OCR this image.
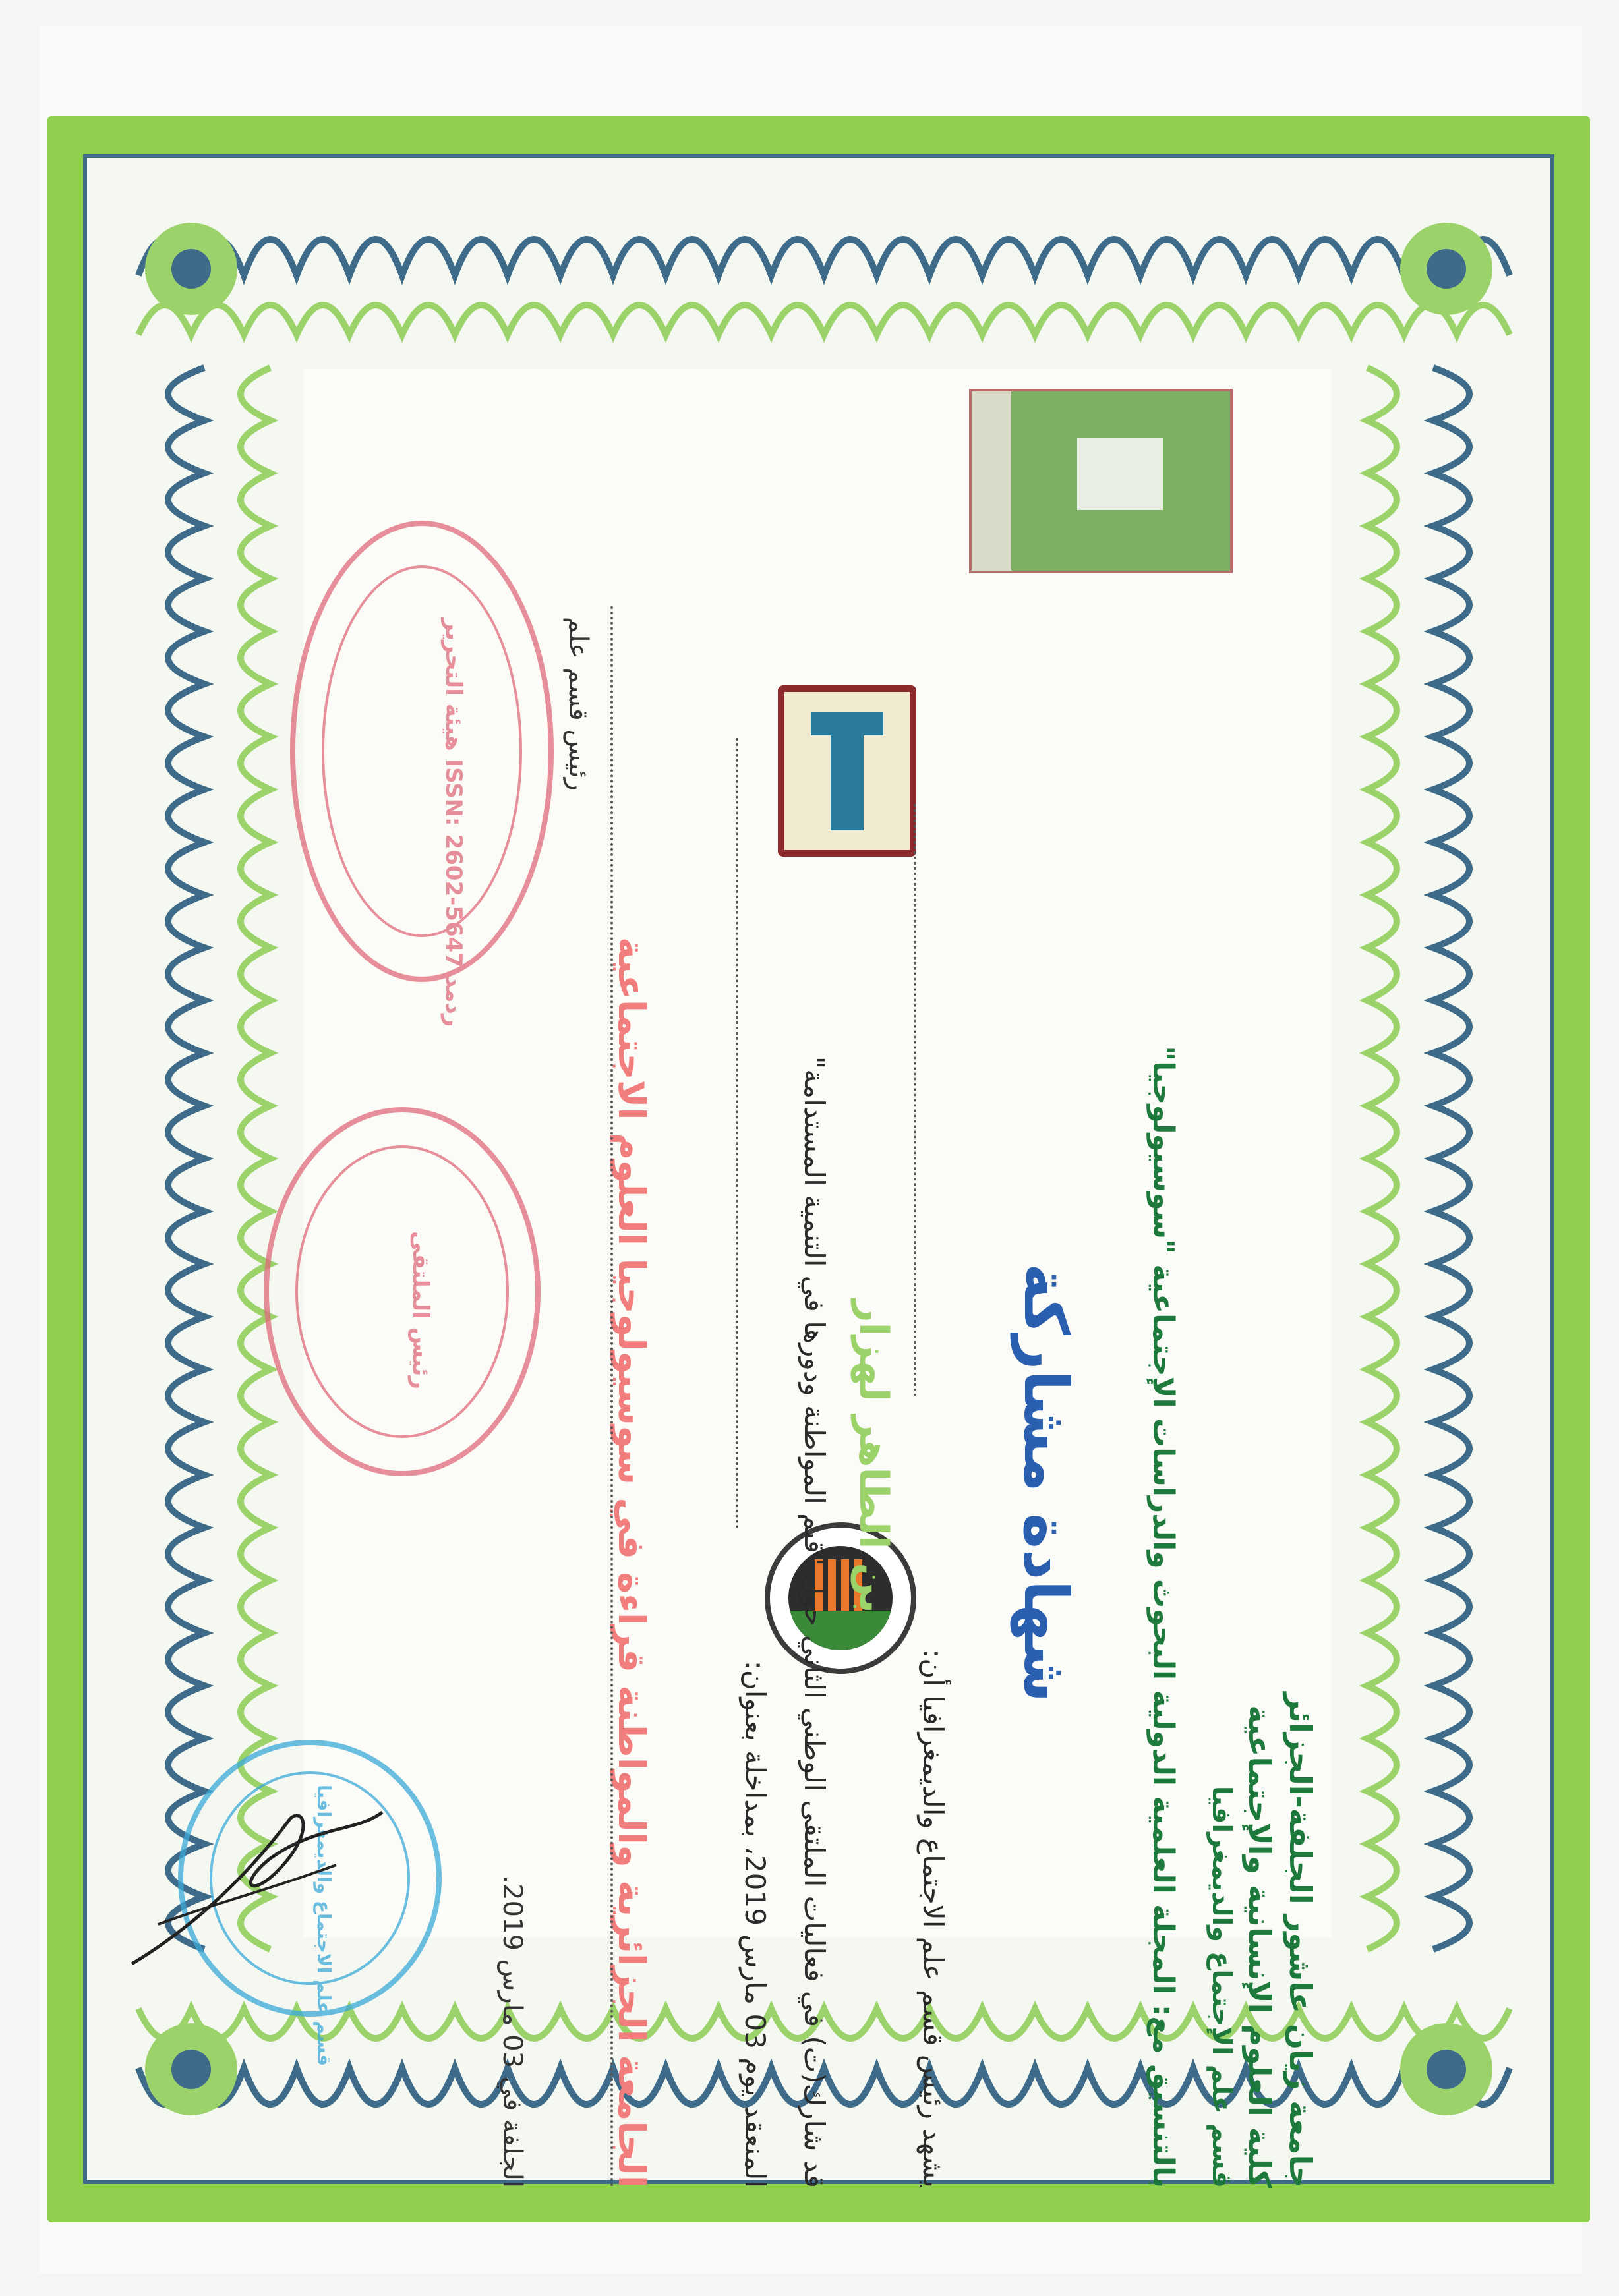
جامعة زيان عاشور الجلفة-الجزائر
كلية العلوم الإنسانية والإجتماعية
قسم علم الإجتماع والديمغرافيا
بالتنسيق مع: المجلة العلمية الدولية البحوث والدراسات الإجتماعية "سوسيولوجيا"
شهادة مشاركة
يشهد رئيس قسم علم الاجتماع والديمغرافيا أن:
بن الطاهر لهزار
قد شارك(ت) في فعاليات الملتقى الوطني الثاني حول "قيم المواطنة ودورها في التنمية المستدامة"
المنعقد يوم 03 مارس 2019، بمداخلة بعنوان:
الجامعة الجزائرية والمواطنة قراءة في سوسيولوجيا العلوم الاجتماعية
رئيس قسم علم
الجلفة في 03 مارس 2019.
هيئة التحرير ISSN: 2602-5647 ردمد
رئيس الملتقى
قسم علم الاجتماع والديمغرافيا
